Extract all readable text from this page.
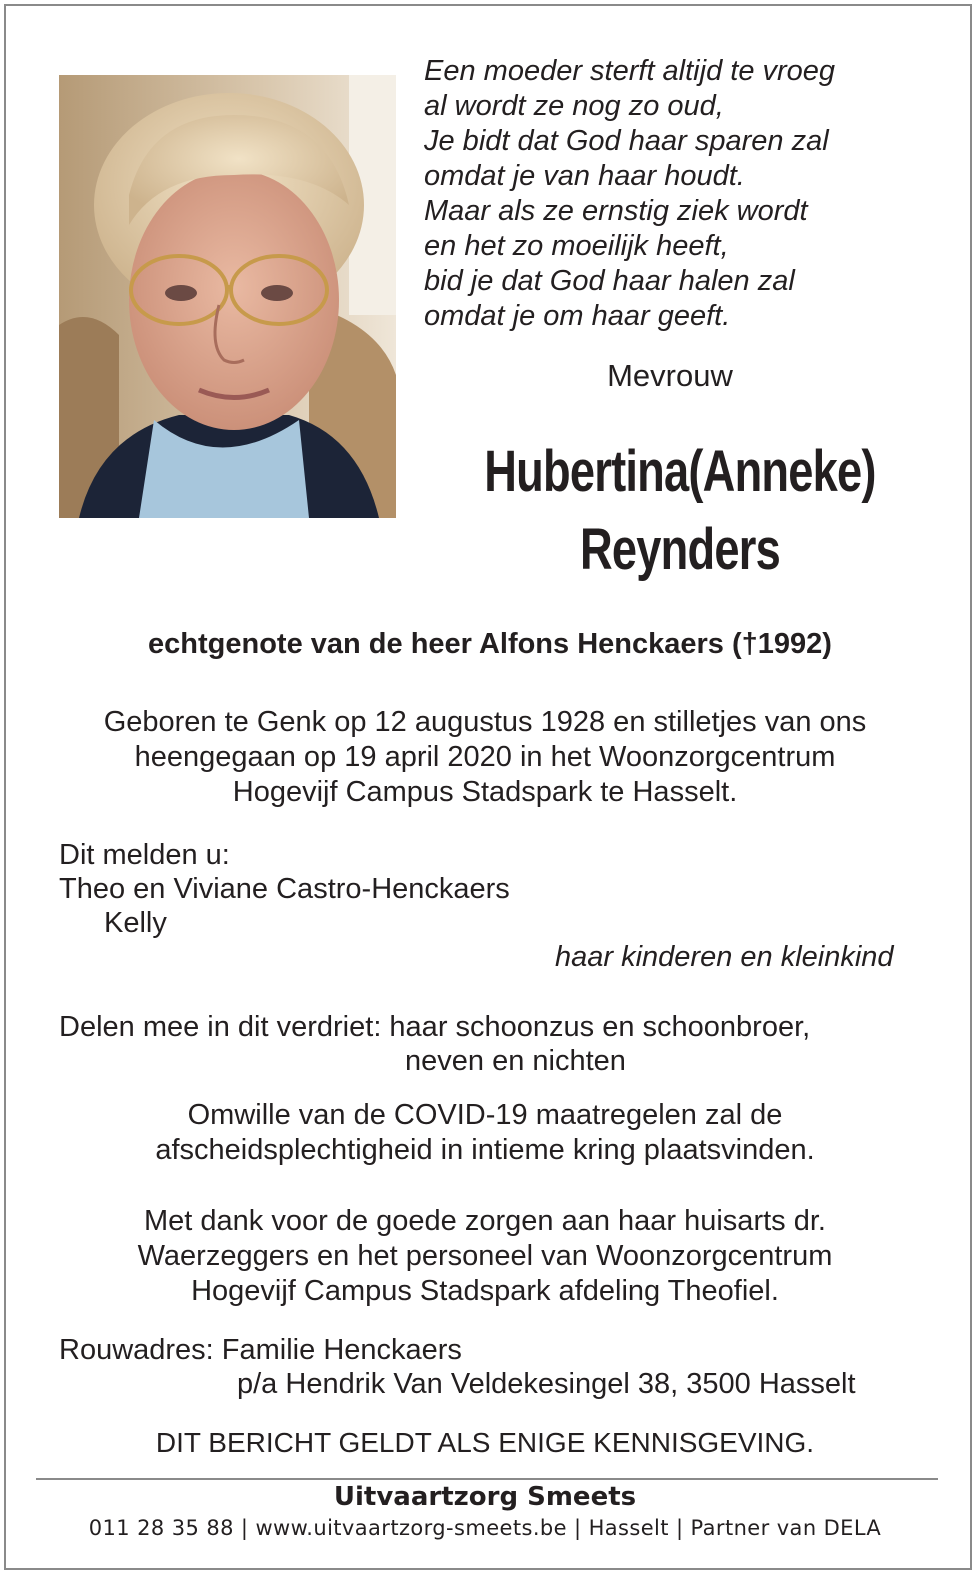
Een moeder sterft altijd te vroeg
al wordt ze nog zo oud,
Je bidt dat God haar sparen zal
omdat je van haar houdt.
Maar als ze ernstig ziek wordt
en het zo moeilijk heeft,
bid je dat God haar halen zal
omdat je om haar geeft.
Mevrouw
Hubertina(Anneke)
Reynders
echtgenote van de heer Alfons Henckaers (†1992)
Geboren te Genk op 12 augustus 1928 en stilletjes van ons
heengegaan op 19 april 2020 in het Woonzorgcentrum
Hogevijf Campus Stadspark te Hasselt.
Dit melden u:
Theo en Viviane Castro-Henckaers
Kelly
haar kinderen en kleinkind
Delen mee in dit verdriet: haar schoonzus en schoonbroer,
neven en nichten
Omwille van de COVID-19 maatregelen zal de
afscheidsplechtigheid in intieme kring plaatsvinden.
Met dank voor de goede zorgen aan haar huisarts dr.
Waerzeggers en het personeel van Woonzorgcentrum
Hogevijf Campus Stadspark afdeling Theofiel.
Rouwadres: Familie Henckaers
p/a Hendrik Van Veldekesingel 38, 3500 Hasselt
DIT BERICHT GELDT ALS ENIGE KENNISGEVING.
Uitvaartzorg Smeets
011 28 35 88 | www.uitvaartzorg-smeets.be | Hasselt | Partner van DELA
